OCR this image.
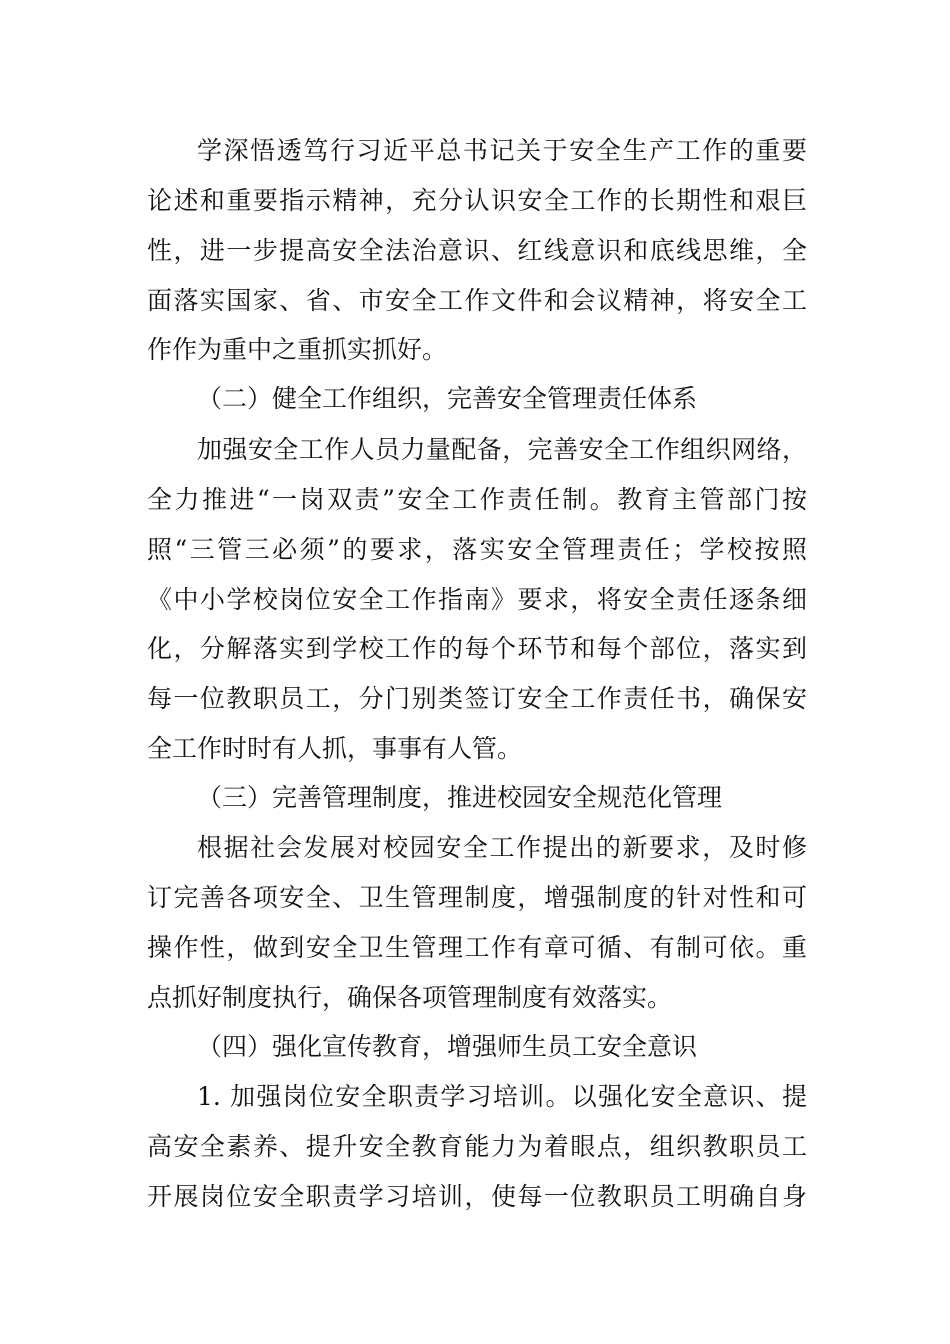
学深悟透笃行习近平总书记关于安全生产工作的重要
论述和重要指示精神，充分认识安全工作的长期性和艰巨
性，进一步提高安全法治意识、红线意识和底线思维，全
面落实国家、省、市安全工作文件和会议精神，将安全工
作作为重中之重抓实抓好。
（二）健全工作组织，完善安全管理责任体系
加强安全工作人员力量配备，完善安全工作组织网络，
全力推进“一岗双责”安全工作责任制。教育主管部门按
照“三管三必须”的要求，落实安全管理责任；学校按照
《中小学校岗位安全工作指南》要求，将安全责任逐条细
化，分解落实到学校工作的每个环节和每个部位，落实到
每一位教职员工，分门别类签订安全工作责任书，确保安
全工作时时有人抓，事事有人管。
（三）完善管理制度，推进校园安全规范化管理
根据社会发展对校园安全工作提出的新要求，及时修
订完善各项安全、卫生管理制度，增强制度的针对性和可
操作性，做到安全卫生管理工作有章可循、有制可依。重
点抓好制度执行，确保各项管理制度有效落实。
（四）强化宣传教育，增强师生员工安全意识
1. 加强岗位安全职责学习培训。以强化安全意识、提
高安全素养、提升安全教育能力为着眼点，组织教职员工
开展岗位安全职责学习培训，使每一位教职员工明确自身
